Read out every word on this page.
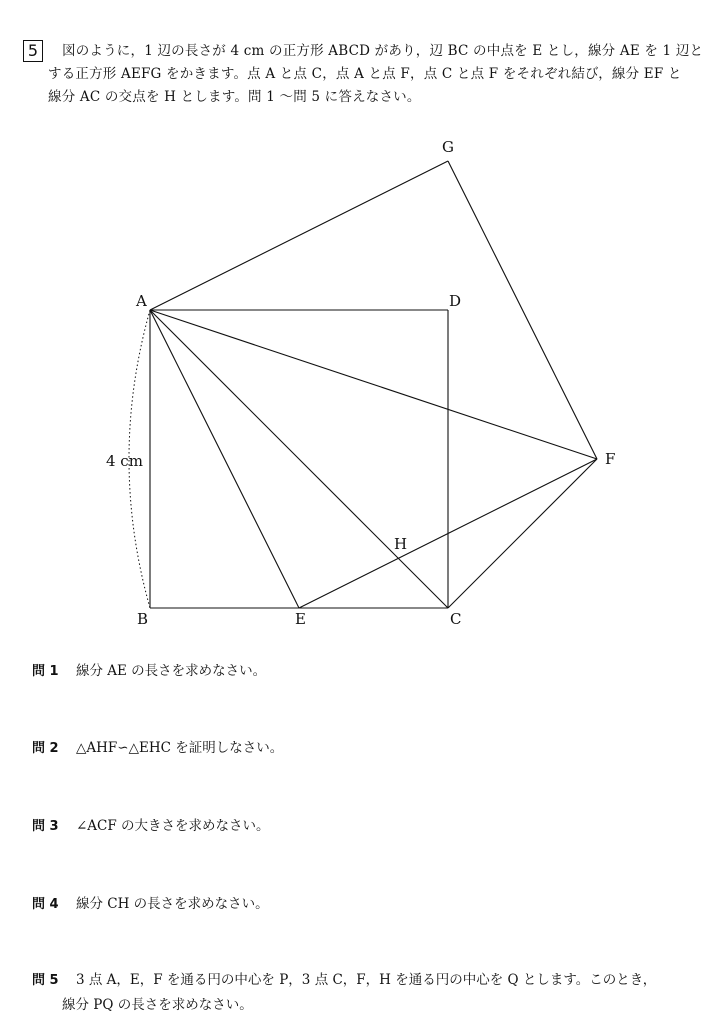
5	図のように，1 辺の長さが 4 cm の正方形 ABCD があり，辺 BC の中点を E とし，線分 AE を 1 辺と

する正方形 AEFG をかきます。点 A と点 C，点 A と点 F，点 C と点 F をそれぞれ結び，線分 EF と

線分 AC の交点を H とします。問 1 〜問 5 に答えなさい。

G
A	D
F
H
B	E	C
4 cm
問 1 線分 AE の長さを求めなさい。
問 2 △AHF∽△EHC を証明しなさい。
問 3 ∠ACF の大きさを求めなさい。
問 4 線分 CH の長さを求めなさい。
問 5 3 点 A，E，F を通る円の中心を P，3 点 C，F，H を通る円の中心を Q とします。このとき，
線分 PQ の長さを求めなさい。
